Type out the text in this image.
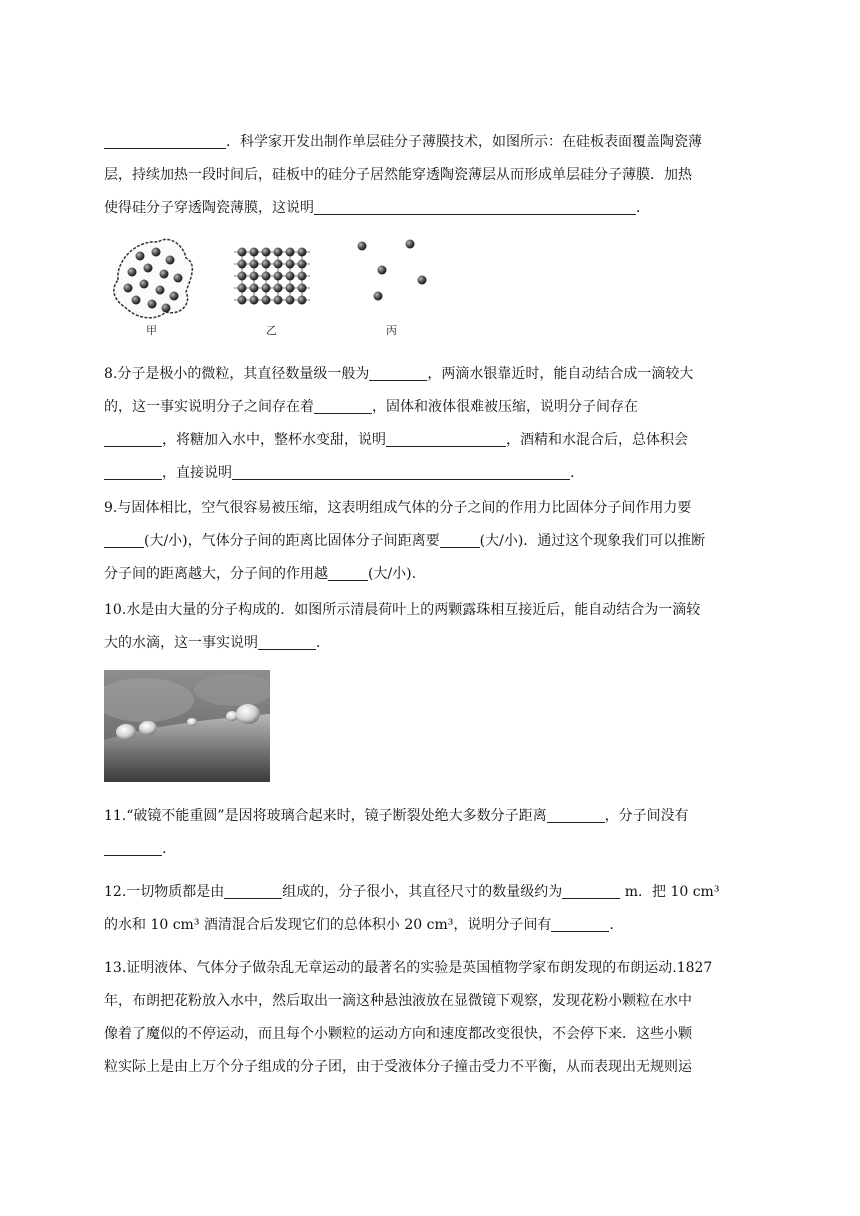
．科学家开发出制作单层硅分子薄膜技术，如图所示：在硅板表面覆盖陶瓷薄
层，持续加热一段时间后，硅板中的硅分子居然能穿透陶瓷薄层从而形成单层硅分子薄膜．加热
使得硅分子穿透陶瓷薄膜，这说明	.
甲	乙	丙
8.分子是极小的微粒，其直径数量级一般为	，两滴水银靠近时，能自动结合成一滴较大
的，这一事实说明分子之间存在着	，固体和液体很难被压缩，说明分子间存在
，将糖加入水中，整杯水变甜，说明	，酒精和水混合后，总体积会
，直接说明	.
9.与固体相比，空气很容易被压缩，这表明组成气体的分子之间的作用力比固体分子间作用力要
(大/小)，气体分子间的距离比固体分子间距离要	(大/小)．通过这个现象我们可以推断
分子间的距离越大，分子间的作用越	(大/小).
10.水是由大量的分子构成的．如图所示清晨荷叶上的两颗露珠相互接近后，能自动结合为一滴较
大的水滴，这一事实说明	.
11.“破镜不能重圆”是因将玻璃合起来时，镜子断裂处绝大多数分子距离	，分子间没有
.
12.一切物质都是由	组成的，分子很小，其直径尺寸的数量级约为	m．把 10 cm³
的水和 10 cm³ 酒清混合后发现它们的总体积小 20 cm³，说明分子间有	.
13.证明液体、气体分子做杂乱无章运动的最著名的实验是英国植物学家布朗发现的布朗运动.1827
年，布朗把花粉放入水中，然后取出一滴这种悬浊液放在显微镜下观察，发现花粉小颗粒在水中
像着了魔似的不停运动，而且每个小颗粒的运动方向和速度都改变很快，不会停下来．这些小颗
粒实际上是由上万个分子组成的分子团，由于受液体分子撞击受力不平衡，从而表现出无规则运
